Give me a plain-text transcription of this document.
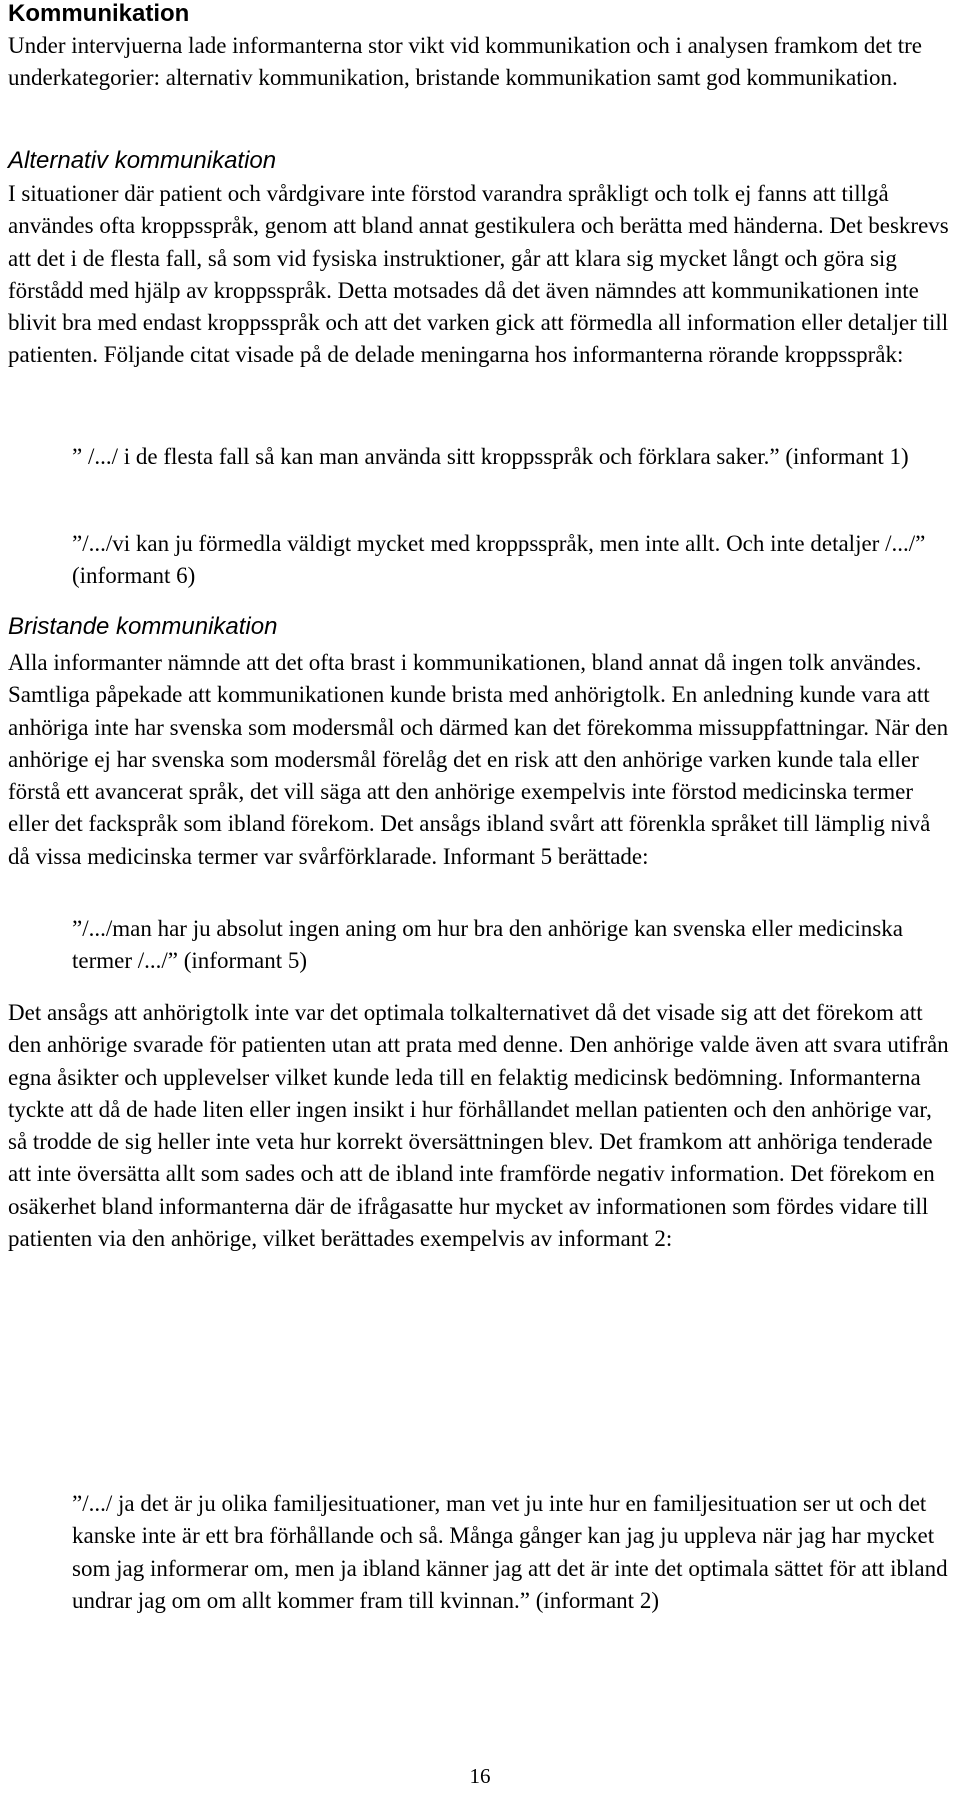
Kommunikation

Under intervjuerna lade informanterna stor vikt vid kommunikation och i analysen framkom det tre underkategorier: alternativ kommunikation, bristande kommunikation samt god kommunikation.

Alternativ kommunikation

I situationer där patient och vårdgivare inte förstod varandra språkligt och tolk ej fanns att tillgå användes ofta kroppsspråk, genom att bland annat gestikulera och berätta med händerna. Det beskrevs att det i de flesta fall, så som vid fysiska instruktioner, går att klara sig mycket långt och göra sig förstådd med hjälp av kroppsspråk. Detta motsades då det även nämndes att kommunikationen inte blivit bra med endast kroppsspråk och att det varken gick att förmedla all information eller detaljer till patienten. Följande citat visade på de delade meningarna hos informanterna rörande kroppsspråk:

” /.../ i de flesta fall så kan man använda sitt kroppsspråk och förklara saker.” (informant 1)

”/.../vi kan ju förmedla väldigt mycket med kroppsspråk, men inte allt. Och inte detaljer /.../” (informant 6)

Bristande kommunikation

Alla informanter nämnde att det ofta brast i kommunikationen, bland annat då ingen tolk användes. Samtliga påpekade att kommunikationen kunde brista med anhörigtolk. En anledning kunde vara att anhöriga inte har svenska som modersmål och därmed kan det förekomma missuppfattningar. När den anhörige ej har svenska som modersmål förelåg det en risk att den anhörige varken kunde tala eller förstå ett avancerat språk, det vill säga att den anhörige exempelvis inte förstod medicinska termer eller det fackspråk som ibland förekom. Det ansågs ibland svårt att förenkla språket till lämplig nivå då vissa medicinska termer var svårförklarade. Informant 5 berättade:

”/.../man har ju absolut ingen aning om hur bra den anhörige kan svenska eller medicinska termer /.../” (informant 5)

Det ansågs att anhörigtolk inte var det optimala tolkalternativet då det visade sig att det förekom att den anhörige svarade för patienten utan att prata med denne. Den anhörige valde även att svara utifrån egna åsikter och upplevelser vilket kunde leda till en felaktig medicinsk bedömning. Informanterna tyckte att då de hade liten eller ingen insikt i hur förhållandet mellan patienten och den anhörige var, så trodde de sig heller inte veta hur korrekt översättningen blev. Det framkom att anhöriga tenderade att inte översätta allt som sades och att de ibland inte framförde negativ information. Det förekom en osäkerhet bland informanterna där de ifrågasatte hur mycket av informationen som fördes vidare till patienten via den anhörige, vilket berättades exempelvis av informant 2:

”/.../ ja det är ju olika familjesituationer, man vet ju inte hur en familjesituation ser ut och det kanske inte är ett bra förhållande och så. Många gånger kan jag ju uppleva när jag har mycket som jag informerar om, men ja ibland känner jag att det är inte det optimala sättet för att ibland undrar jag om om allt kommer fram till kvinnan.” (informant 2)

16
